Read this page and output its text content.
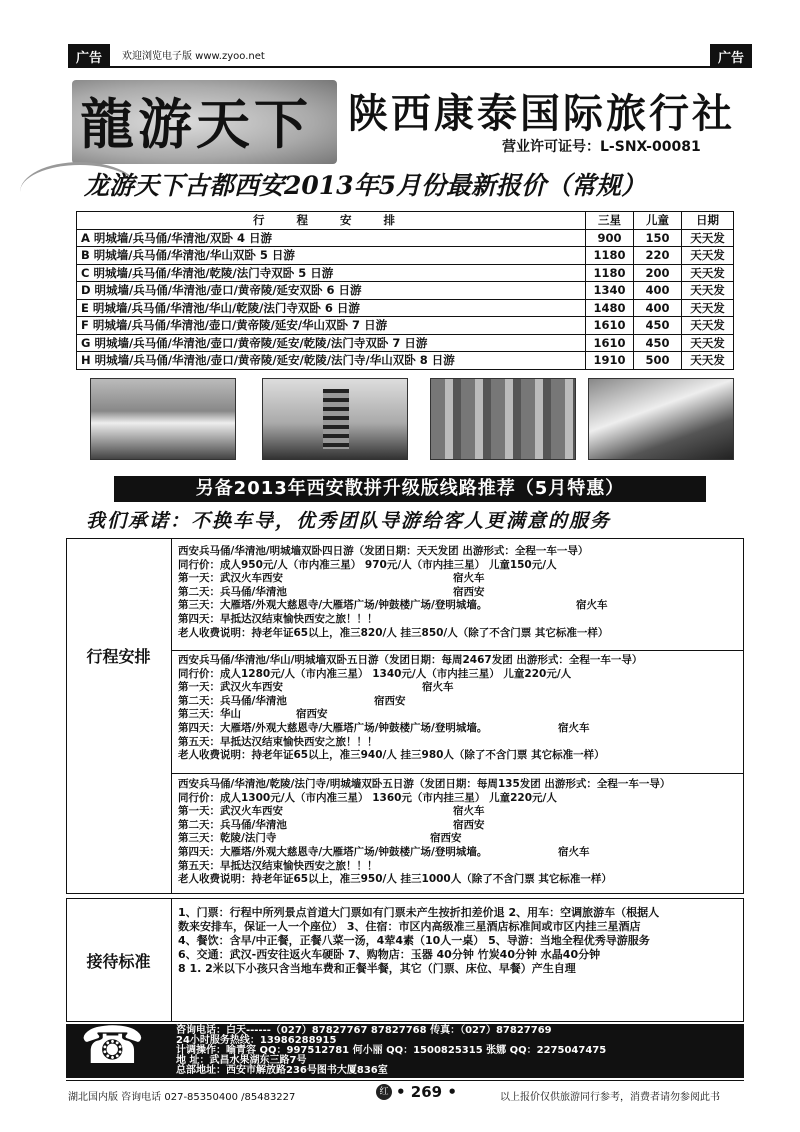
广告	欢迎浏览电子版 www.zyoo.net	广告
龍游天下 陕西康泰国际旅行社
营业许可证号：L-SNX-00081
龙游天下古都西安2013年5月份最新报价（常规）
行 程 安 排	三星	儿童	日期
A 明城墙/兵马俑/华清池/双卧 4 日游	900	150	天天发
B 明城墙/兵马俑/华清池/华山双卧 5 日游	1180	220	天天发
C 明城墙/兵马俑/华清池/乾陵/法门寺双卧 5 日游	1180	200	天天发
D 明城墙/兵马俑/华清池/壶口/黄帝陵/延安双卧 6 日游	1340	400	天天发
E 明城墙/兵马俑/华清池/华山/乾陵/法门寺双卧 6 日游	1480	400	天天发
F 明城墙/兵马俑/华清池/壶口/黄帝陵/延安/华山双卧 7 日游	1610	450	天天发
G 明城墙/兵马俑/华清池/壶口/黄帝陵/延安/乾陵/法门寺双卧 7 日游	1610	450	天天发
H 明城墙/兵马俑/华清池/壶口/黄帝陵/延安/乾陵/法门寺/华山双卧 8 日游	1910	500	天天发
另备2013年西安散拼升级版线路推荐（5月特惠）
我们承诺：不换车导，优秀团队导游给客人更满意的服务
行程安排
西安兵马俑/华清池/明城墙双卧四日游（发团日期：天天发团 出游形式：全程一车一导）
同行价：成人950元/人（市内准三星） 970元/人（市内挂三星） 儿童150元/人
第一天：武汉火车西安	宿火车
第二天：兵马俑/华清池	宿西安
第三天：大雁塔/外观大慈恩寺/大雁塔广场/钟鼓楼广场/登明城墙。	宿火车
第四天：早抵达汉结束愉快西安之旅！！！
老人收费说明：持老年证65以上，准三820/人 挂三850/人（除了不含门票 其它标准一样）
西安兵马俑/华清池/华山/明城墙双卧五日游（发团日期：每周2467发团 出游形式：全程一车一导）
同行价：成人1280元/人（市内准三星） 1340元/人（市内挂三星） 儿童220元/人
第一天：武汉火车西安	宿火车
第二天：兵马俑/华清池	宿西安
第三天：华山	宿西安
第四天：大雁塔/外观大慈恩寺/大雁塔广场/钟鼓楼广场/登明城墙。	宿火车
第五天：早抵达汉结束愉快西安之旅！！！
老人收费说明：持老年证65以上，准三940/人 挂三980人（除了不含门票 其它标准一样）
西安兵马俑/华清池/乾陵/法门寺/明城墙双卧五日游（发团日期：每周135发团 出游形式：全程一车一导）
同行价：成人1300元/人（市内准三星） 1360元（市内挂三星） 儿童220元/人
第一天：武汉火车西安	宿火车
第二天：兵马俑/华清池	宿西安
第三天：乾陵/法门寺	宿西安
第四天：大雁塔/外观大慈恩寺/大雁塔广场/钟鼓楼广场/登明城墙。	宿火车
第五天：早抵达汉结束愉快西安之旅！！！
老人收费说明：持老年证65以上，准三950/人 挂三1000人（除了不含门票 其它标准一样）
接待标准
1、门票：行程中所列景点首道大门票如有门票未产生按折扣差价退 2、用车：空调旅游车（根据人
数来安排车，保证一人一个座位） 3、住宿：市区内高级准三星酒店标准间或市区内挂三星酒店
4、餐饮：含早/中正餐，正餐八菜一汤，4荤4素（10人一桌） 5、导游：当地全程优秀导游服务
6、交通：武汉-西安往返火车硬卧 7、购物店：玉器 40分钟 竹炭40分钟 水晶40分钟
8 1. 2米以下小孩只含当地车费和正餐半餐，其它（门票、床位、早餐）产生自理
☎	咨询电话：白天------（027）87827767 87827768 传真：（027）87827769
24小时服务热线：13986288915
计调操作：喻青容 QQ：997512781 何小丽 QQ：1500825315 张娜 QQ：2275047475
地 址：武昌水果湖东三路7号
总部地址：西安市解放路236号图书大厦836室
湖北国内版 咨询电话 027-85350400 /85483227	红 • 269 •	以上报价仅供旅游同行参考，消费者请勿参阅此书
